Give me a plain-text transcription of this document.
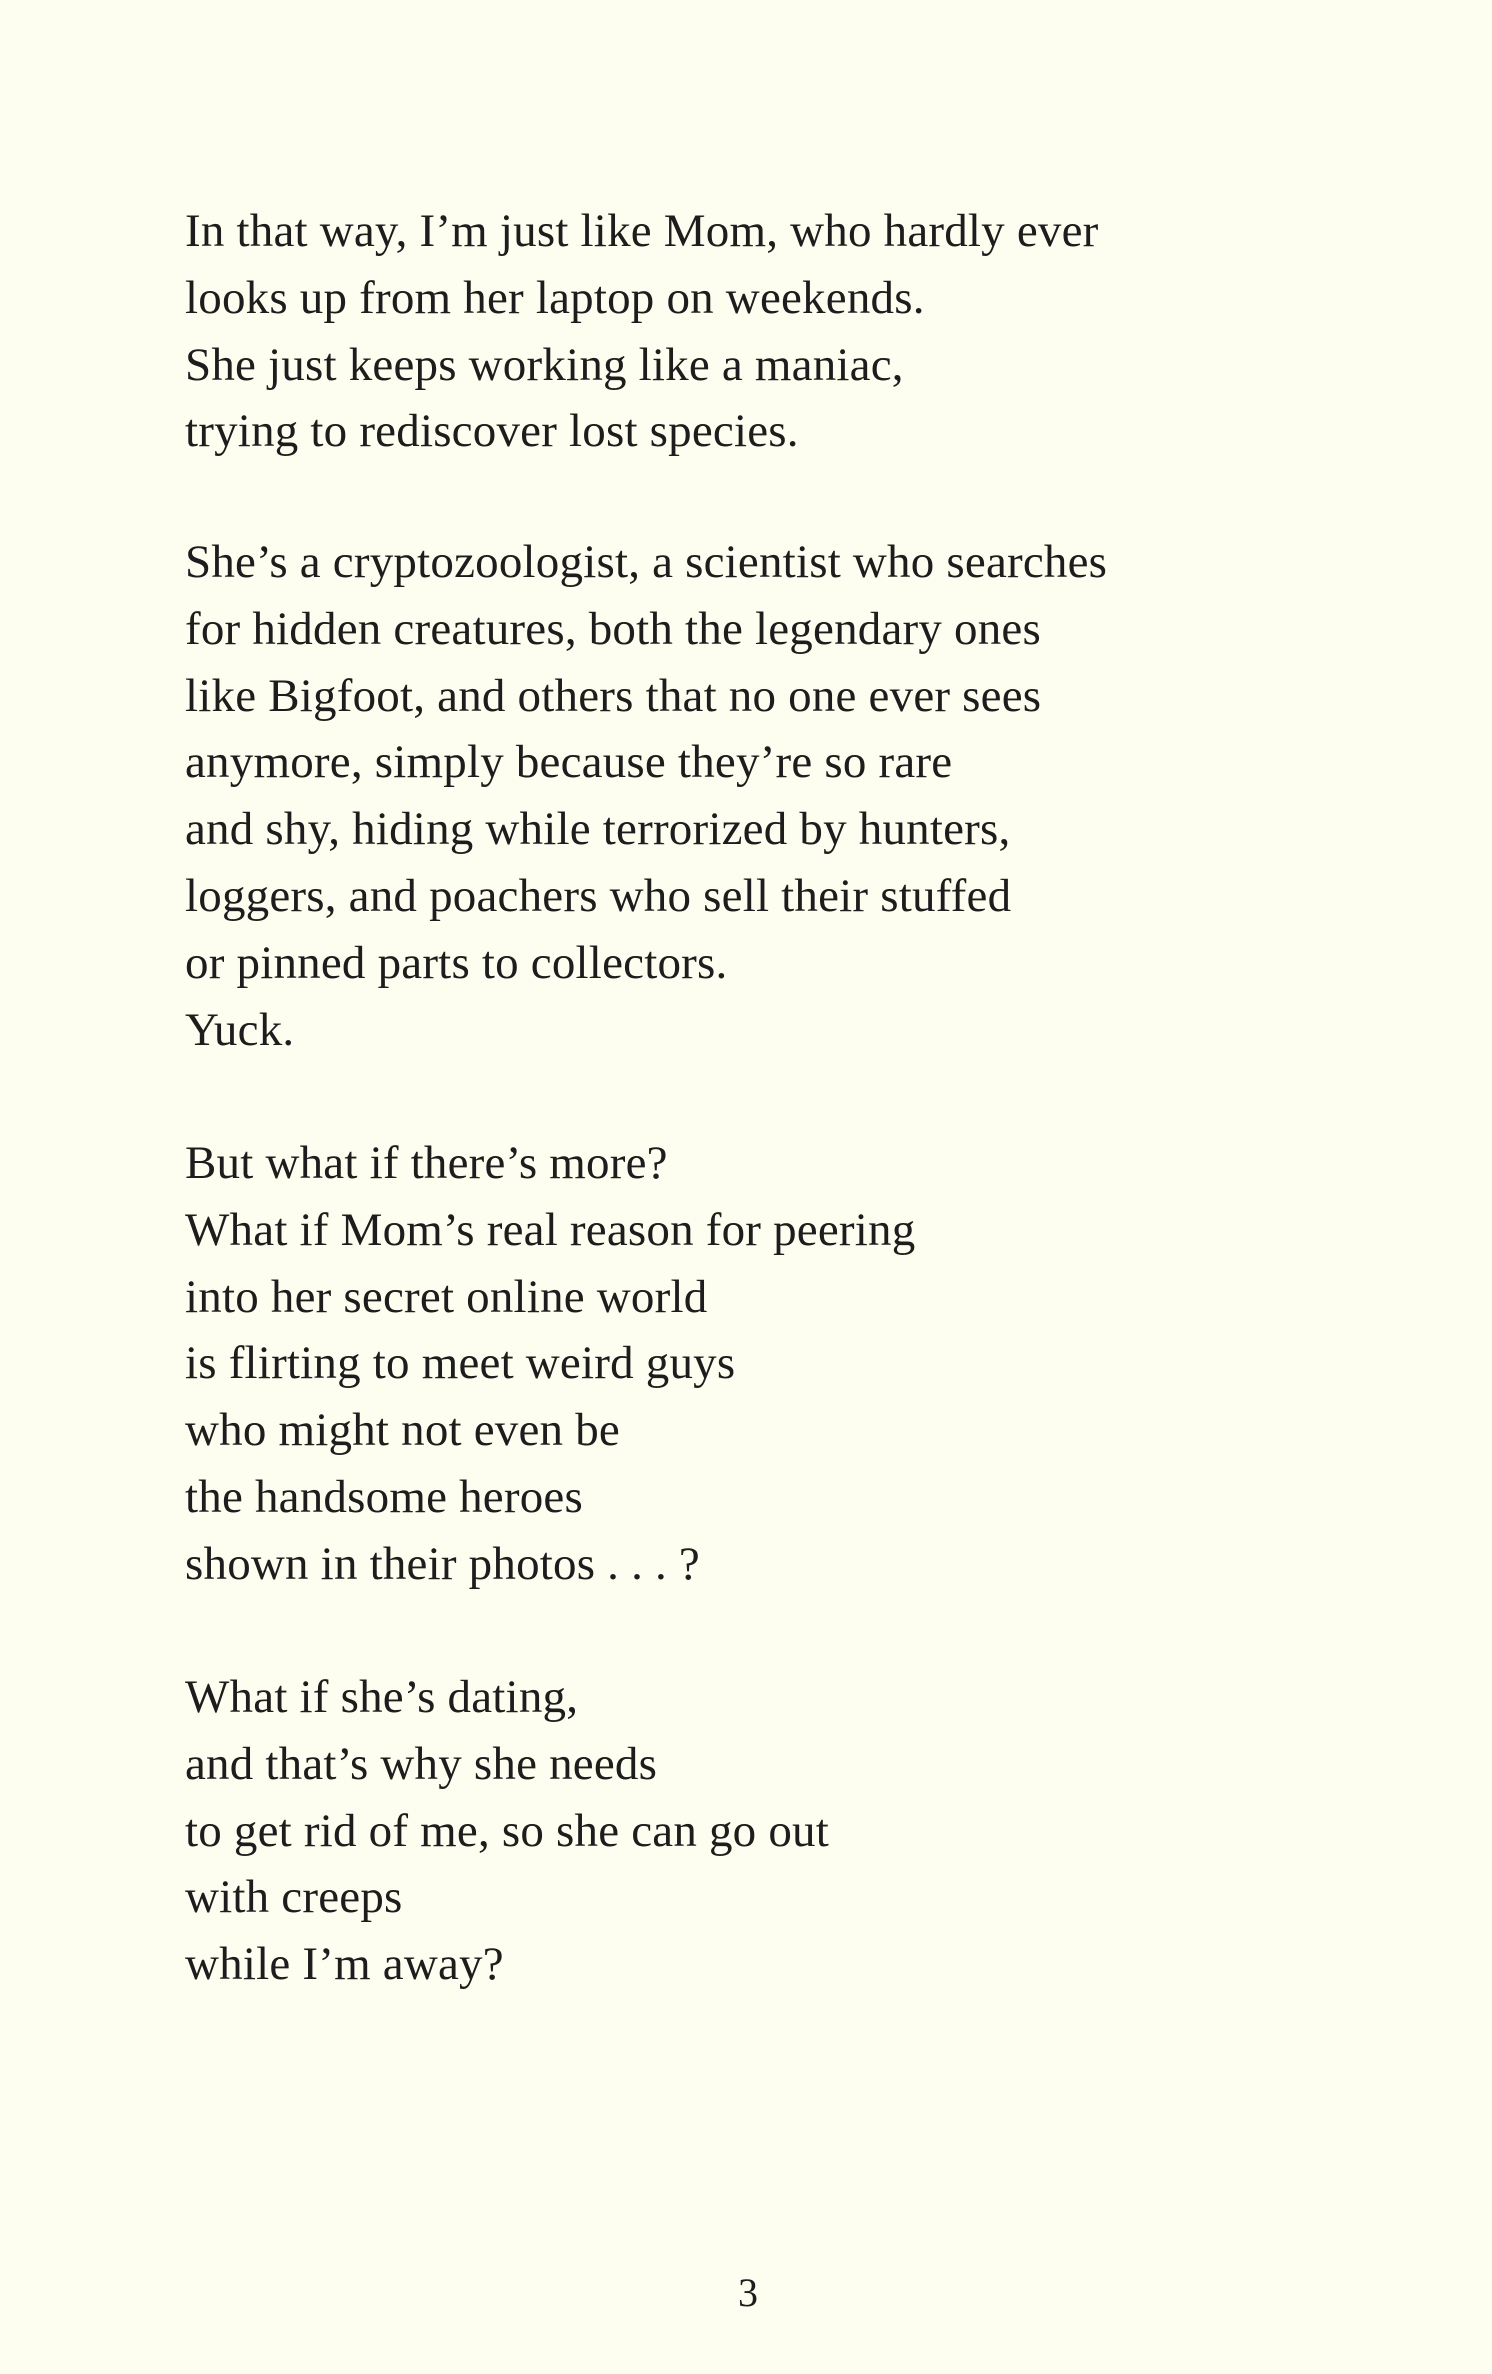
In that way, I’m just like Mom, who hardly ever
looks up from her laptop on weekends.
She just keeps working like a maniac,
trying to rediscover lost species.
She’s a cryptozoologist, a scientist who searches
for hidden creatures, both the legendary ones
like Bigfoot, and others that no one ever sees
anymore, simply because they’re so rare
and shy, hiding while terrorized by hunters,
loggers, and poachers who sell their stuffed
or pinned parts to collectors.
Yuck.
But what if there’s more?
What if Mom’s real reason for peering
into her secret online world
is flirting to meet weird guys
who might not even be
the handsome heroes
shown in their photos . . . ?
What if she’s dating,
and that’s why she needs
to get rid of me, so she can go out
with creeps
while I’m away?
3
